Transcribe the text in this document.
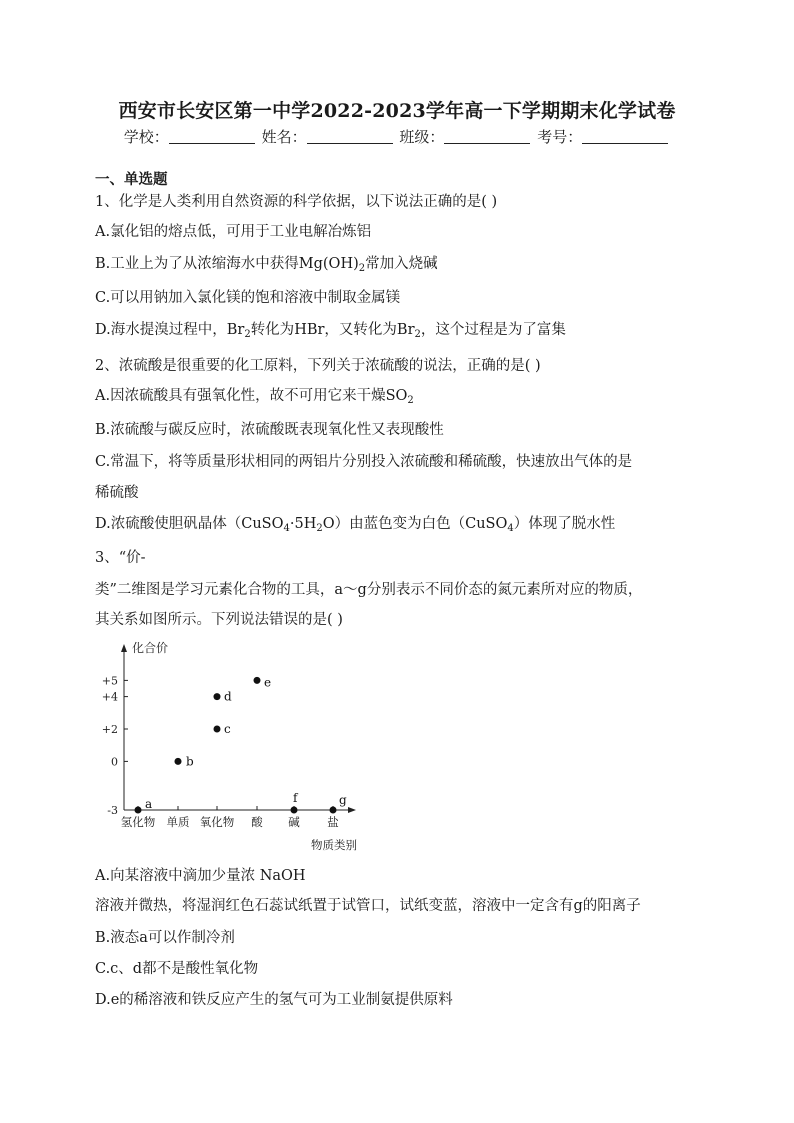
西安市长安区第一中学2022-2023学年高一下学期期末化学试卷
学校：	姓名：	班级：	考号：
一、单选题
1、化学是人类利用自然资源的科学依据，以下说法正确的是( )
A.氯化铝的熔点低，可用于工业电解冶炼铝
B.工业上为了从浓缩海水中获得$Mg(OH)_2$常加入烧碱
C.可以用钠加入氯化镁的饱和溶液中制取金属镁
D.海水提溴过程中，$Br_2$转化为HBr，又转化为$Br_2$，这个过程是为了富集
2、浓硫酸是很重要的化工原料，下列关于浓硫酸的说法，正确的是( )
A.因浓硫酸具有强氧化性，故不可用它来干燥$SO_2$
B.浓硫酸与碳反应时，浓硫酸既表现氧化性又表现酸性
C.常温下，将等质量形状相同的两铝片分别投入浓硫酸和稀硫酸，快速放出气体的是
稀硫酸
D.浓硫酸使胆矾晶体$(CuSO_4\cdot 5H_2O)$由蓝色变为白色（CuSO$_4$）体现了脱水性
3、“价-
类”二维图是学习元素化合物的工具，a～g分别表示不同价态的氮元素所对应的物质，
其关系如图所示。下列说法错误的是( )
化合价
+5
+4
+2
0
-3
氢化物 单质 氧化物 酸 碱 盐
物质类别
a
b
c
d
e
f	g
A.向某溶液中滴加少量浓 NaOH
溶液并微热，将湿润红色石蕊试纸置于试管口，试纸变蓝，溶液中一定含有g的阳离子
B.液态a可以作制冷剂
C.c、d都不是酸性氧化物
D.e的稀溶液和铁反应产生的氢气可为工业制氨提供原料
